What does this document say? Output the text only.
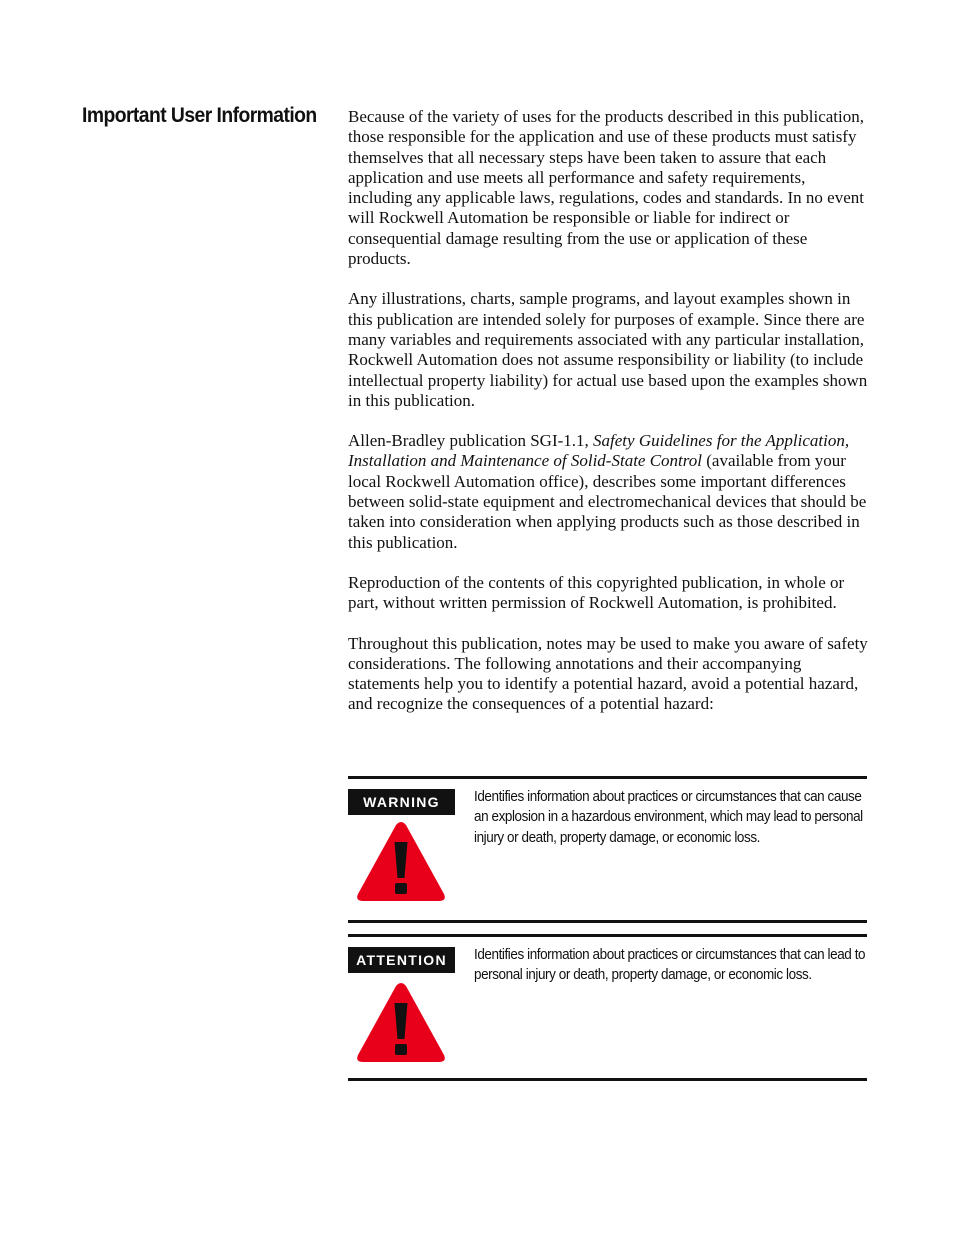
Important User Information Because of the variety of uses for the products described in this publication, those responsible for the application and use of these products must satisfy themselves that all necessary steps have been taken to assure that each application and use meets all performance and safety requirements, including any applicable laws, regulations, codes and standards. In no event will Rockwell Automation be responsible or liable for indirect or consequential damage resulting from the use or application of these products.

Any illustrations, charts, sample programs, and layout examples shown in this publication are intended solely for purposes of example. Since there are many variables and requirements associated with any particular installation, Rockwell Automation does not assume responsibility or liability (to include intellectual property liability) for actual use based upon the examples shown in this publication.

Allen-Bradley publication SGI-1.1, Safety Guidelines for the Application, Installation and Maintenance of Solid-State Control (available from your local Rockwell Automation office), describes some important differences between solid-state equipment and electromechanical devices that should be taken into consideration when applying products such as those described in this publication.

Reproduction of the contents of this copyrighted publication, in whole or part, without written permission of Rockwell Automation, is prohibited.

Throughout this publication, notes may be used to make you aware of safety considerations. The following annotations and their accompanying statements help you to identify a potential hazard, avoid a potential hazard, and recognize the consequences of a potential hazard:

WARNING	Identifies information about practices or circumstances that can cause an explosion in a hazardous environment, which may lead to personal injury or death, property damage, or economic loss.
ATTENTION	Identifies information about practices or circumstances that can lead to personal injury or death, property damage, or economic loss.
